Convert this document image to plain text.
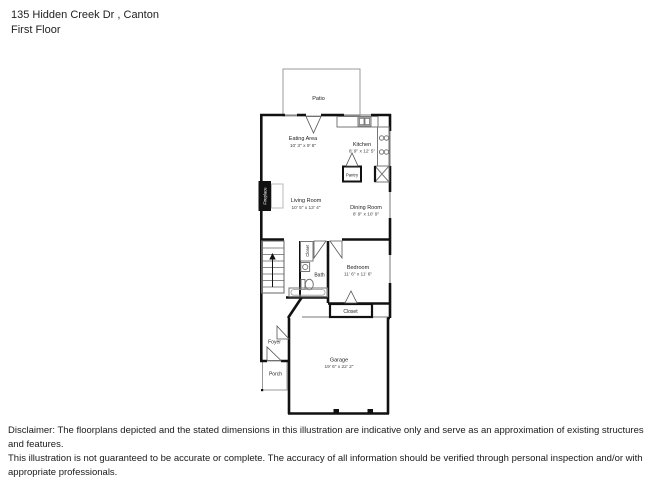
135 Hidden Creek Dr , Canton
First Floor
Patio
Eating Area
10' 3" x 9' 8"	Kitchen
8' 9" x 12' 5"
Pantry
Fireplace	Living Room
10' 5" x 13' 4"	Dining Room
8' 9" x 10' 9"
Closet
Bath
Bedroom
11' 6" x 11' 6"
Closet
Foyer
Porch
Garage
19' 6" x 22' 2"
Disclaimer: The floorplans depicted and the stated dimensions in this illustration are indicative only and serve as an approximation of existing structures and features.
This illustration is not guaranteed to be accurate or complete. The accuracy of all information should be verified through personal inspection and/or with appropriate professionals.
